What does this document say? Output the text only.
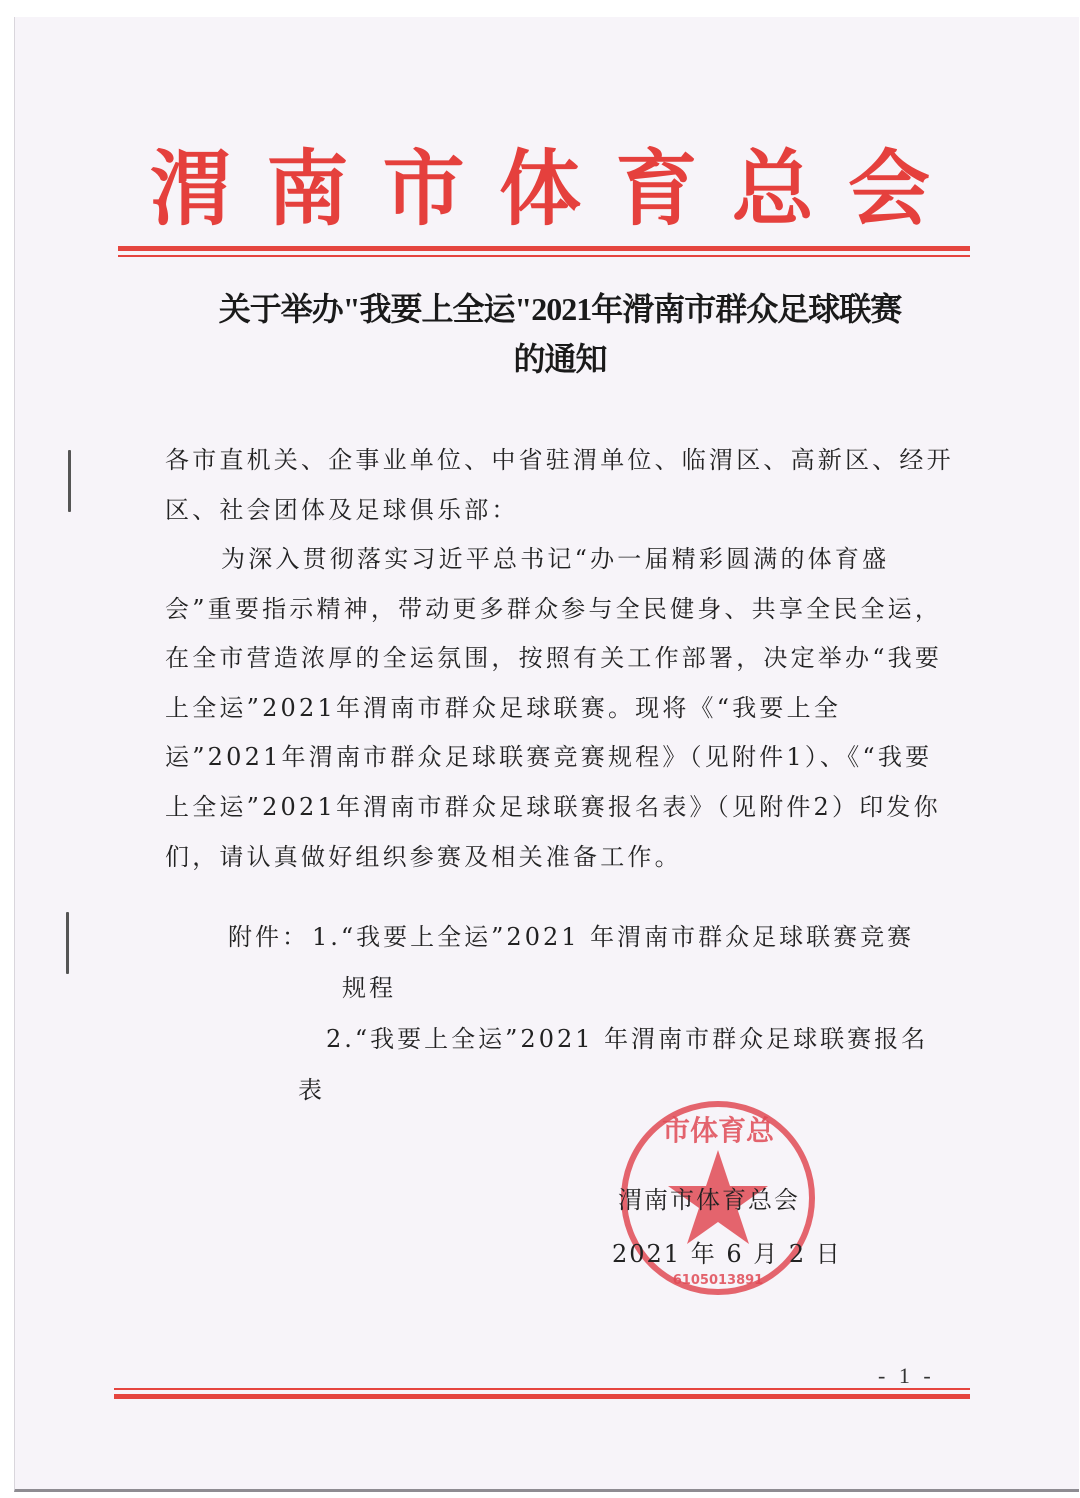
渭 南 市 体 育 总 会
关于举办"我要上全运"2021年滑南市群众足球联赛
的通知
各市直机关、企事业单位、中省驻渭单位、临渭区、高新区、经开区、社会团体及足球俱乐部：
为深入贯彻落实习近平总书记“办一届精彩圆满的体育盛会”重要指示精神，带动更多群众参与全民健身、共享全民全运，在全市营造浓厚的全运氛围，按照有关工作部署，决定举办“我要上全运”2021年渭南市群众足球联赛。现将《“我要上全运”2021年渭南市群众足球联赛竞赛规程》（见附件1）、《“我要上全运”2021年渭南市群众足球联赛报名表》（见附件2）印发你们，请认真做好组织参赛及相关准备工作。
附件： 1.“我要上全运”2021 年渭南市群众足球联赛竞赛
规程
2.“我要上全运”2021 年渭南市群众足球联赛报名
表
市体育总
6105013891
渭南市体育总会
2021 年 6 月 2 日
- 1 -
